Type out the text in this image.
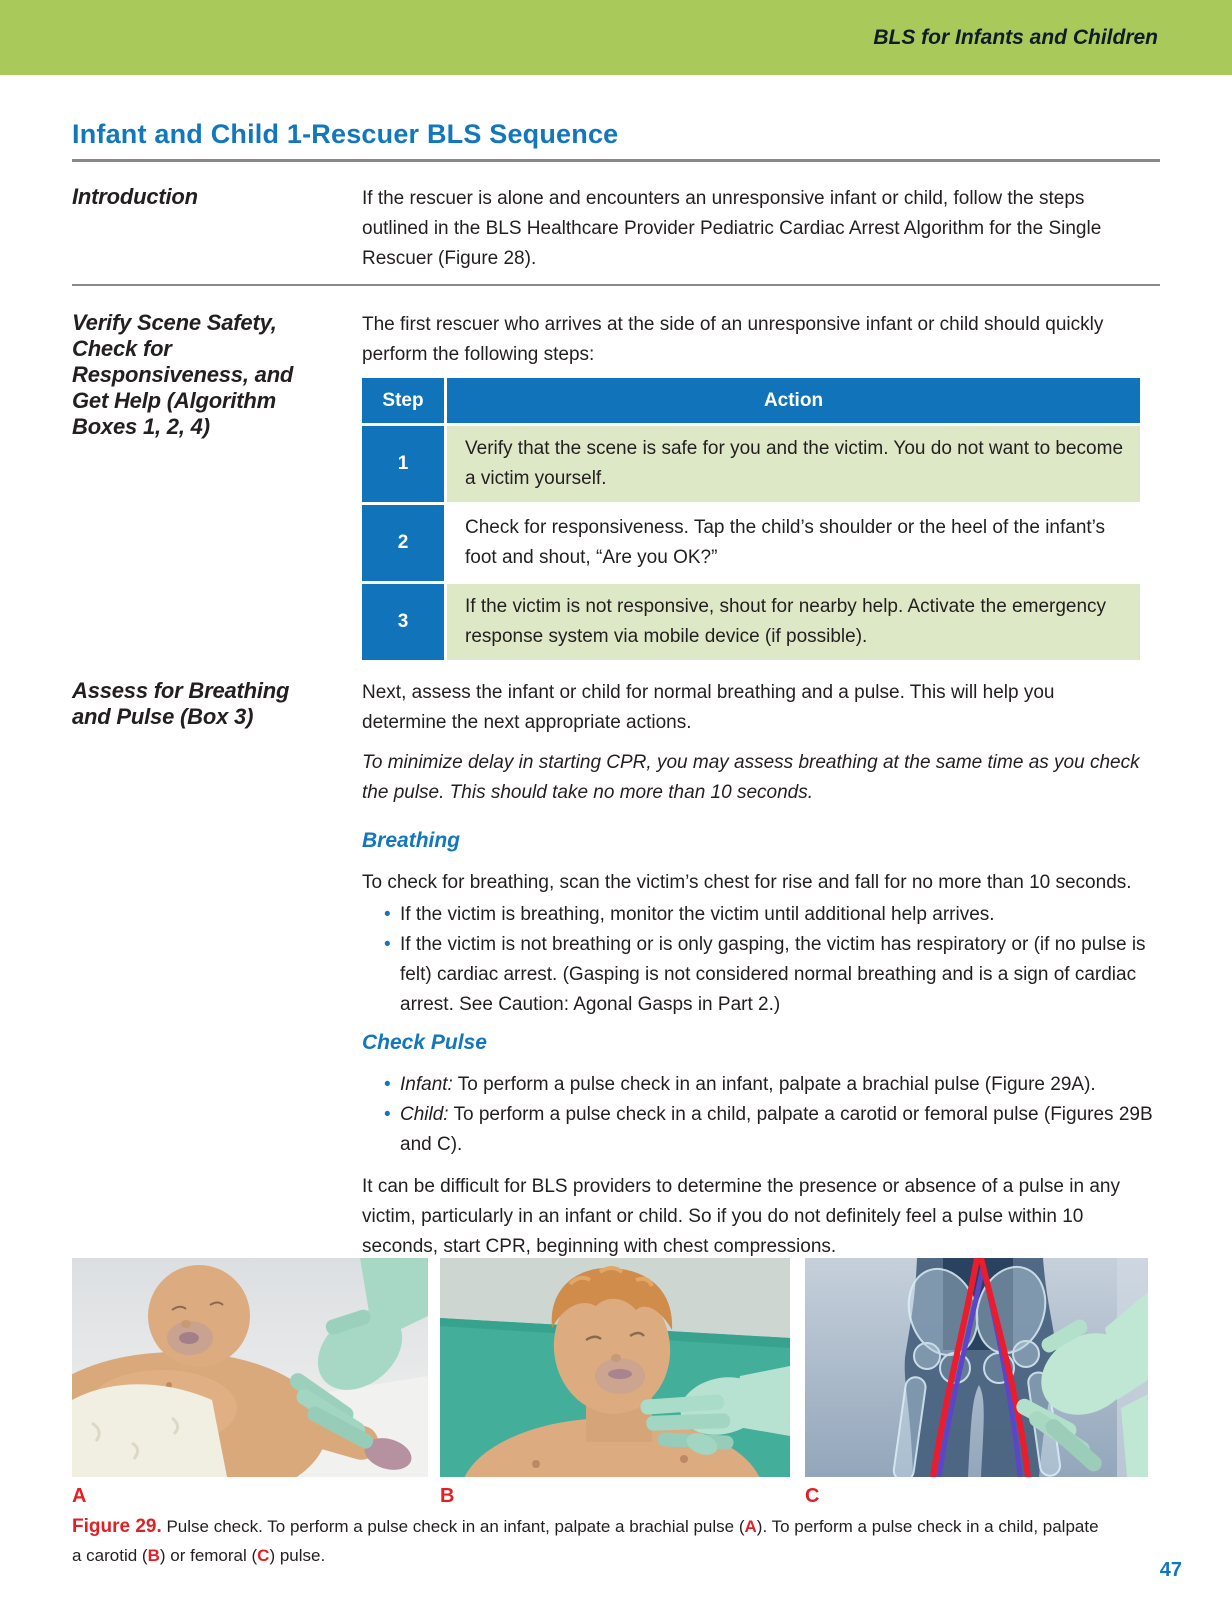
BLS for Infants and Children
Infant and Child 1-Rescuer BLS Sequence
Introduction	If the rescuer is alone and encounters an unresponsive infant or child, follow the steps outlined in the BLS Healthcare Provider Pediatric Cardiac Arrest Algorithm for the Single Rescuer (Figure 28).

Verify Scene Safety, Check for Responsiveness, and Get Help (Algorithm Boxes 1, 2, 4)

The first rescuer who arrives at the side of an unresponsive infant or child should quickly perform the following steps:

Step	Action
1	Verify that the scene is safe for you and the victim. You do not want to become a victim yourself.
2	Check for responsiveness. Tap the child’s shoulder or the heel of the infant’s foot and shout, “Are you OK?”
3	If the victim is not responsive, shout for nearby help. Activate the emergency response system via mobile device (if possible).
Assess for Breathing and Pulse (Box 3)

Next, assess the infant or child for normal breathing and a pulse. This will help you determine the next appropriate actions.

To minimize delay in starting CPR, you may assess breathing at the same time as you check the pulse. This should take no more than 10 seconds.

Breathing

To check for breathing, scan the victim’s chest for rise and fall for no more than 10 seconds.

• If the victim is breathing, monitor the victim until additional help arrives.
• If the victim is not breathing or is only gasping, the victim has respiratory or (if no pulse is felt) cardiac arrest. (Gasping is not considered normal breathing and is a sign of cardiac arrest. See Caution: Agonal Gasps in Part 2.)
Check Pulse
• Infant: To perform a pulse check in an infant, palpate a brachial pulse (Figure 29A).
• Child: To perform a pulse check in a child, palpate a carotid or femoral pulse (Figures 29B and C).

It can be difficult for BLS providers to determine the presence or absence of a pulse in any victim, particularly in an infant or child. So if you do not definitely feel a pulse within 10 seconds, start CPR, beginning with chest compressions.

A	B	C
Figure 29. Pulse check. To perform a pulse check in an infant, palpate a brachial pulse (A). To perform a pulse check in a child, palpate a carotid (B) or femoral (C) pulse.
47
